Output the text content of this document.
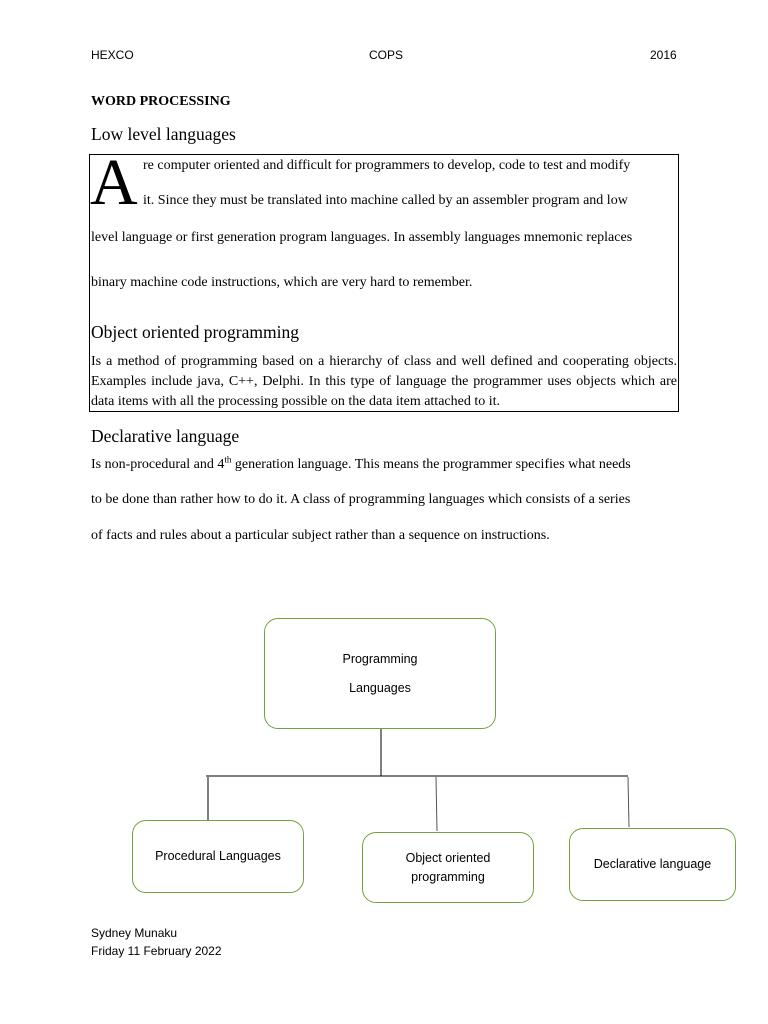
HEXCO	COPS	2016
WORD PROCESSING
Low level languages
A re computer oriented and difficult for programmers to develop, code to test and modify
it. Since they must be translated into machine called by an assembler program and low
level language or first generation program languages. In assembly languages mnemonic replaces
binary machine code instructions, which are very hard to remember.
Object oriented programming
Is a method of programming based on a hierarchy of class and well defined and cooperating objects. Examples include java, C++, Delphi. In this type of language the programmer uses objects which are data items with all the processing possible on the data item attached to it.
Declarative language
Is non-procedural and 4th generation language. This means the programmer specifies what needs
to be done than rather how to do it. A class of programming languages which consists of a series
of facts and rules about a particular subject rather than a sequence on instructions.
Programming
Languages
Procedural Languages	Object oriented
programming
Declarative language
Sydney Munaku
Friday 11 February 2022
